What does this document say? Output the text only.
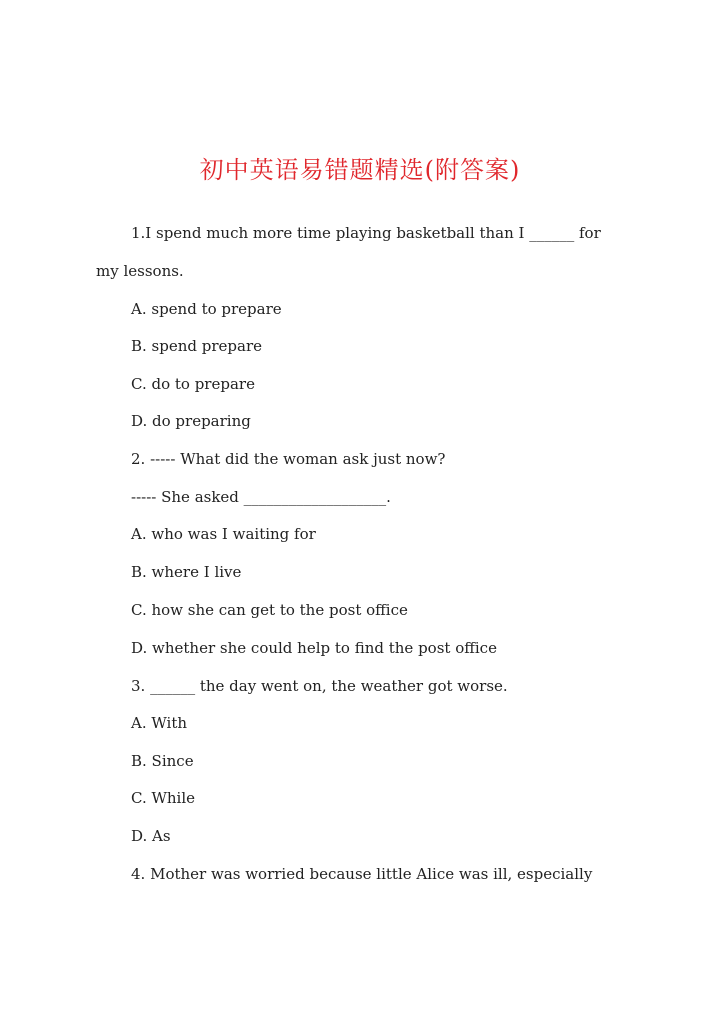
初中英语易错题精选(附答案)
1.I spend much more time playing basketball than I ______ for
my lessons.
A. spend to prepare
B. spend prepare
C. do to prepare
D. do preparing
2. ----- What did the woman ask just now?
----- She asked ___________________.
A. who was I waiting for
B. where I live
C. how she can get to the post office
D. whether she could help to find the post office
3. ______ the day went on, the weather got worse.
A. With
B. Since
C. While
D. As
4. Mother was worried because little Alice was ill, especially
